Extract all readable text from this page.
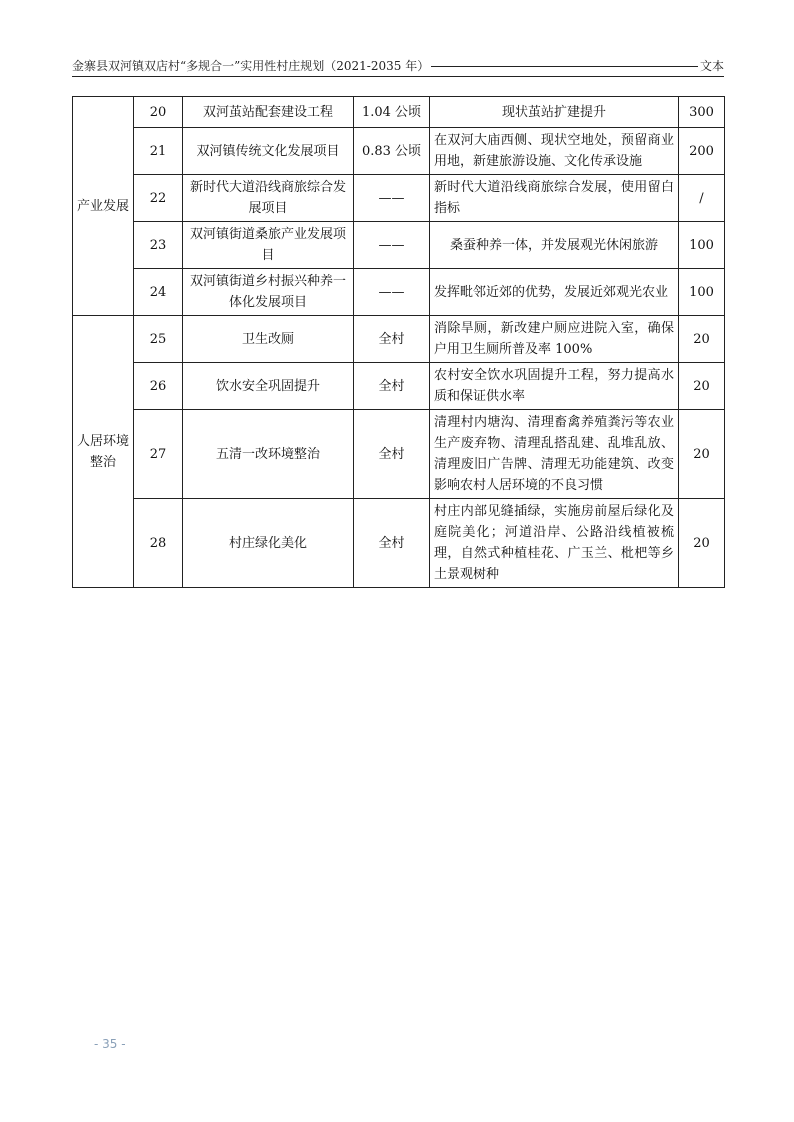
金寨县双河镇双店村“多规合一”实用性村庄规划（2021-2035 年）	文本
产业发展	20	双河茧站配套建设工程	1.04 公顷	现状茧站扩建提升	300
	21	双河镇传统文化发展项目	0.83 公顷	在双河大庙西侧、现状空地处，预留商业用地，新建旅游设施、文化传承设施	200
	22	新时代大道沿线商旅综合发展项目	——	新时代大道沿线商旅综合发展，使用留白指标	/
	23	双河镇街道桑旅产业发展项目	——	桑蚕种养一体，并发展观光休闲旅游	100
	24	双河镇街道乡村振兴种养一体化发展项目	——	发挥毗邻近郊的优势，发展近郊观光农业	100
人居环境整治	25	卫生改厕	全村	消除旱厕，新改建户厕应进院入室，确保户用卫生厕所普及率 100%	20
	26	饮水安全巩固提升	全村	农村安全饮水巩固提升工程，努力提高水质和保证供水率	20
	27	五清一改环境整治	全村	清理村内塘沟、清理畜禽养殖粪污等农业生产废弃物、清理乱搭乱建、乱堆乱放、清理废旧广告牌、清理无功能建筑、改变影响农村人居环境的不良习惯	20
	28	村庄绿化美化	全村	村庄内部见缝插绿，实施房前屋后绿化及庭院美化；河道沿岸、公路沿线植被梳理，自然式种植桂花、广玉兰、枇杷等乡土景观树种	20
- 35 -
